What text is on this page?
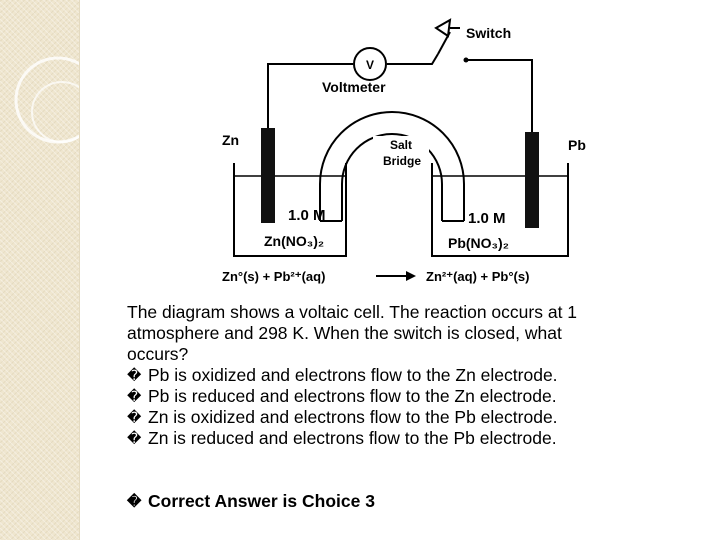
Switch
V
Voltmeter
Salt
Bridge
Zn	Pb
1.0 M	1.0 M
Zn(NO₃)₂	Pb(NO₃)₂
Zn°(s) + Pb²⁺(aq)	Zn²⁺(aq) + Pb°(s)
The diagram shows a voltaic cell. The reaction occurs at 1
atmosphere and 298 K. When the switch is closed, what
occurs?
� Pb is oxidized and electrons flow to the Zn electrode.
� Pb is reduced and electrons flow to the Zn electrode.
� Zn is oxidized and electrons flow to the Pb electrode.
� Zn is reduced and electrons flow to the Pb electrode.
� Correct Answer is Choice 3
